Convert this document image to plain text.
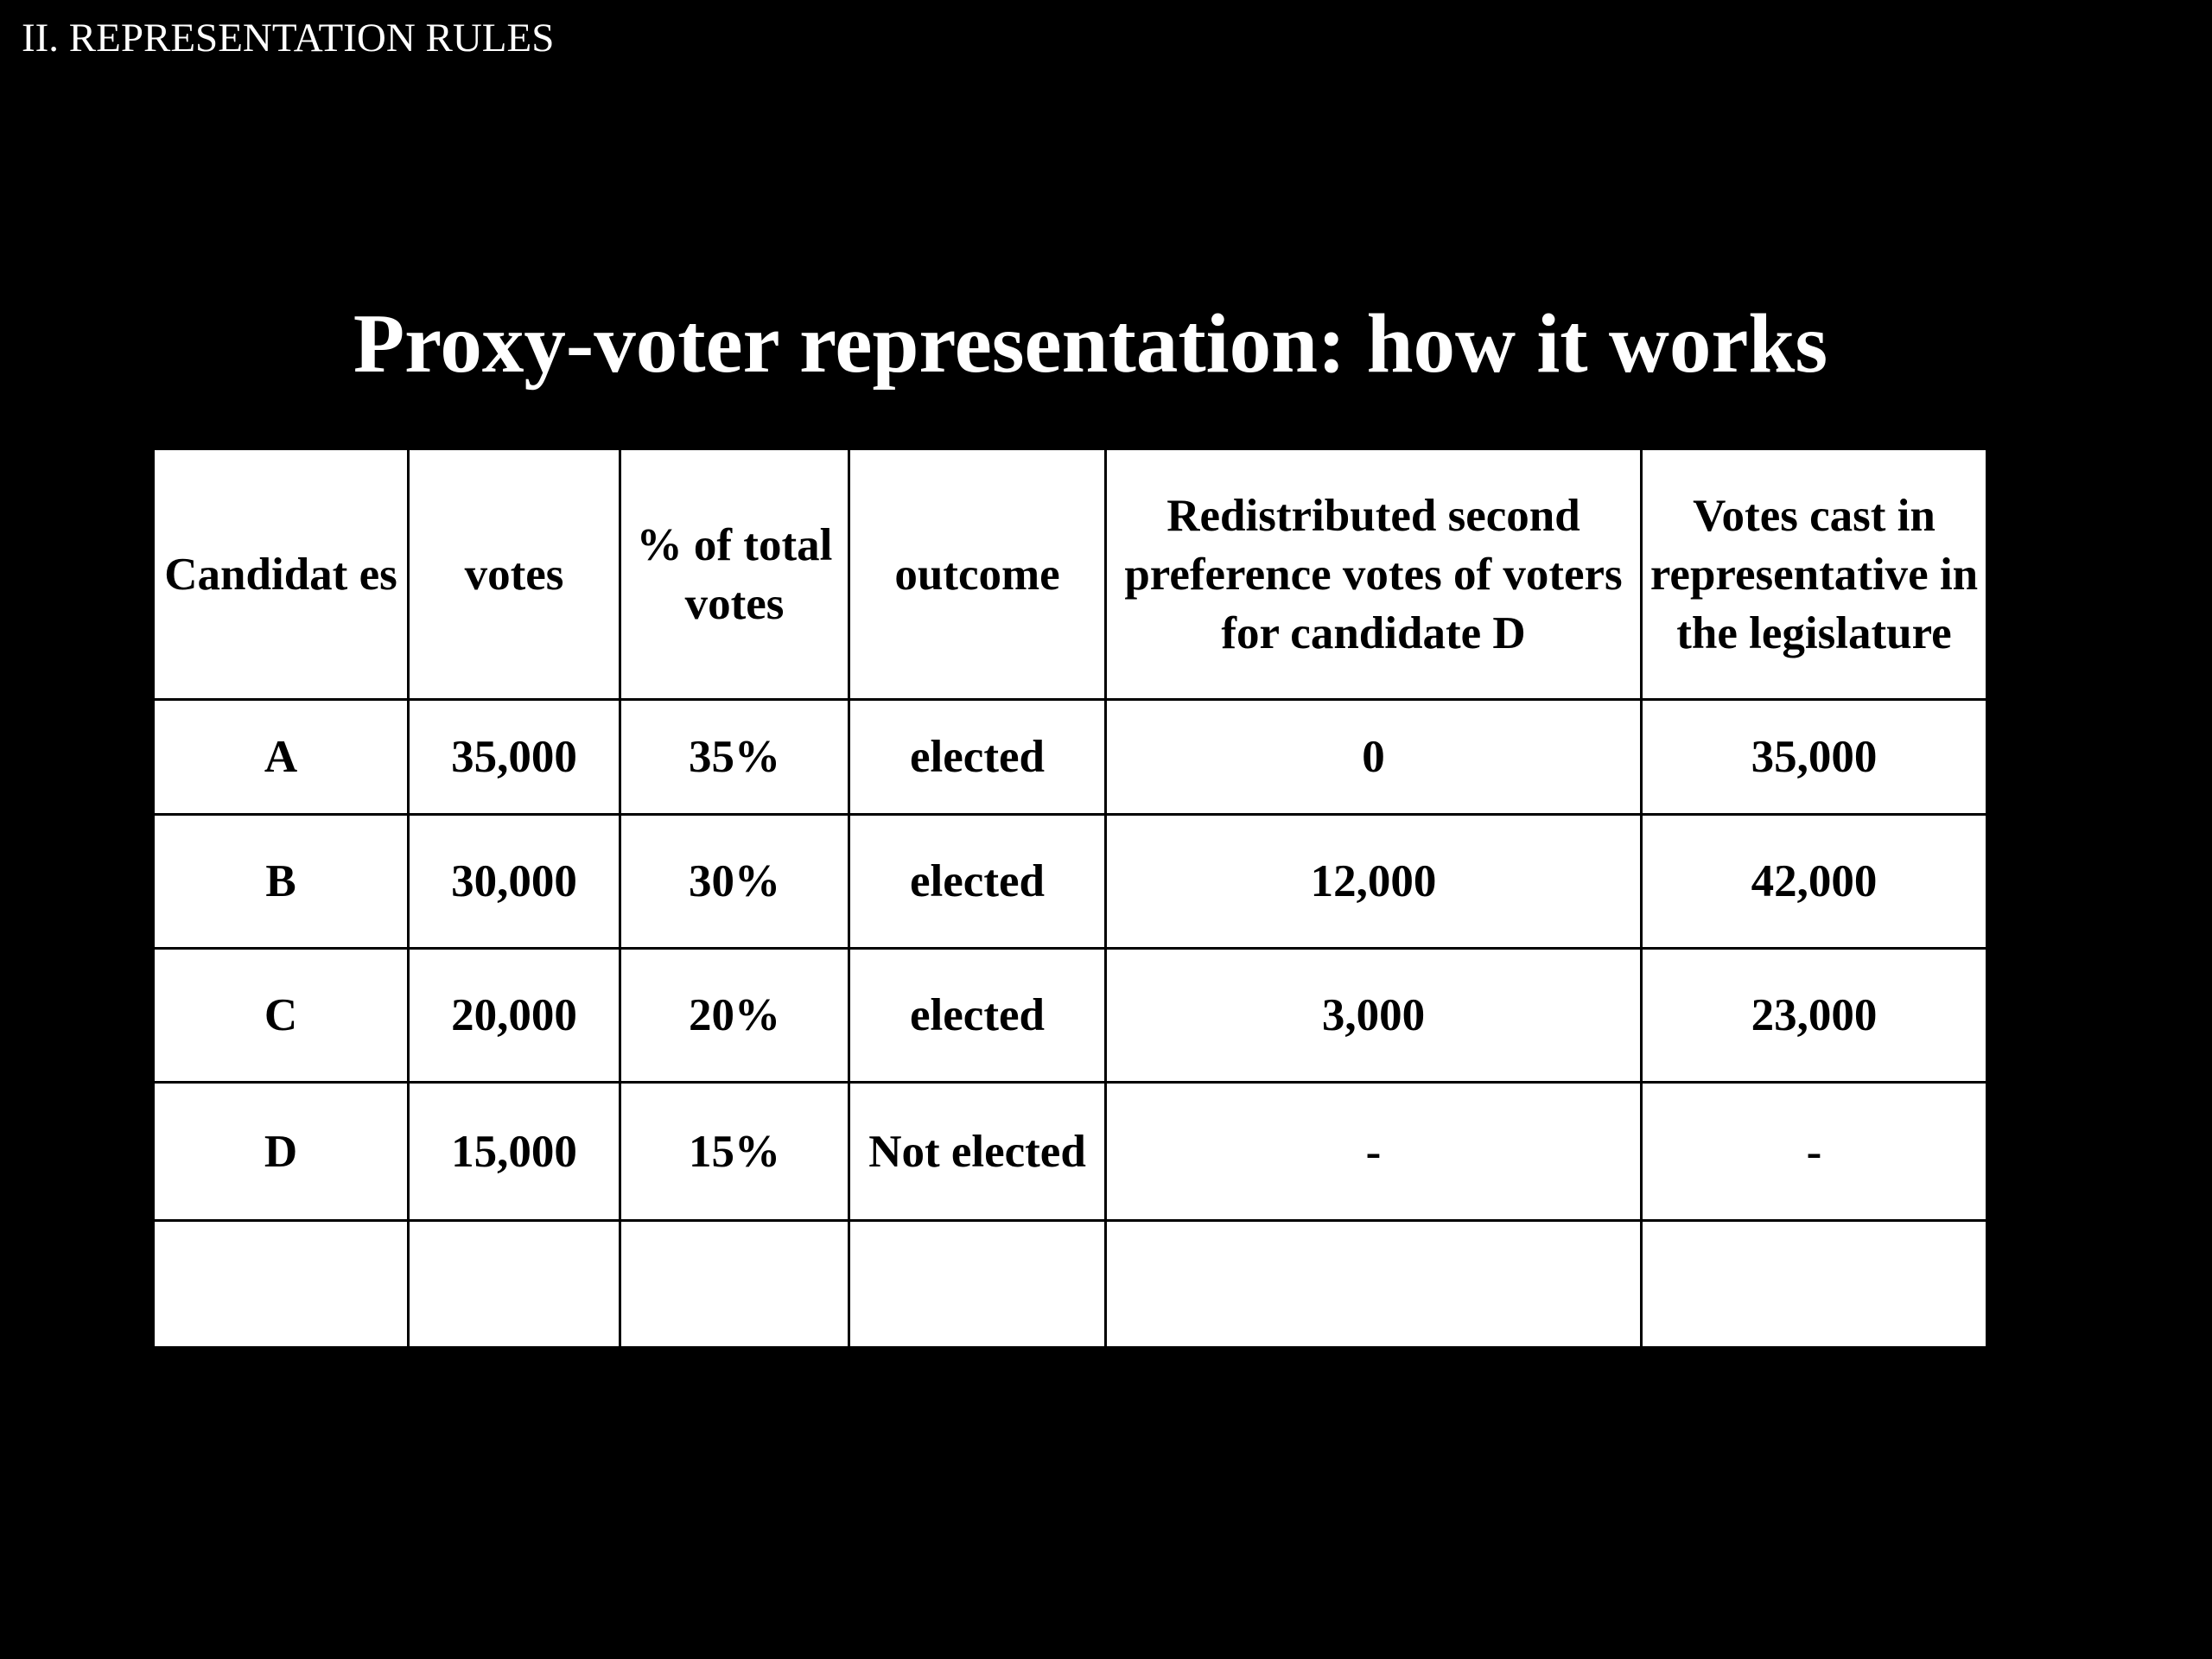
II. REPRESENTATION RULES
Proxy-voter representation: how it works
Candidat es	votes	% of total votes	outcome	Redistributed second preference votes of voters for candidate D	Votes cast in representative in the legislature
A	35,000	35%	elected	0	35,000
B	30,000	30%	elected	12,000	42,000
C	20,000	20%	elected	3,000	23,000
D	15,000	15%	Not elected	-	-
